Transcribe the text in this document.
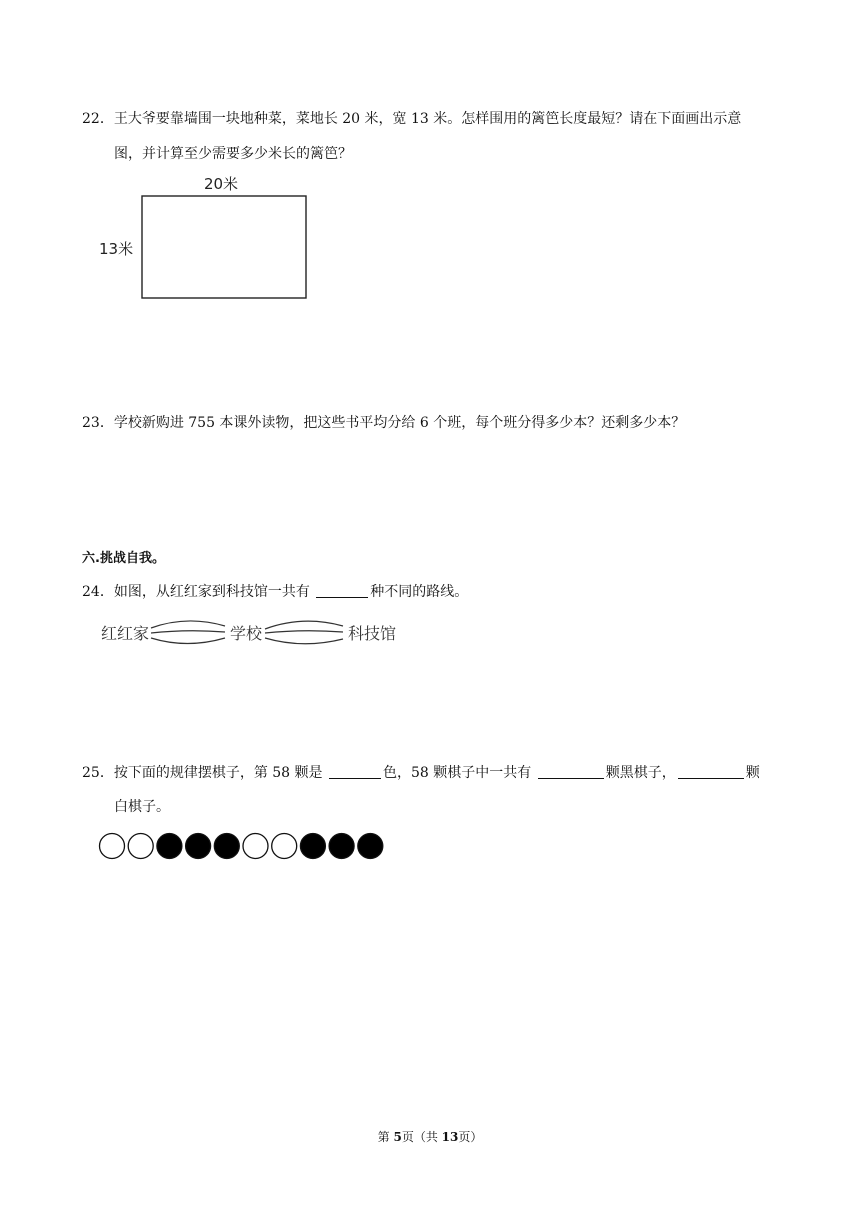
22．王大爷要靠墙围一块地种菜，菜地长 20 米，宽 13 米。怎样围用的篱笆长度最短？请在下面画出示意
图，并计算至少需要多少米长的篱笆？
20米
13米
23．学校新购进 755 本课外读物，把这些书平均分给 6 个班，每个班分得多少本？还剩多少本？
六.挑战自我。
24．如图，从红红家到科技馆一共有	种不同的路线。
红红家	学校	科技馆
25．按下面的规律摆棋子，第 58 颗是	色，58 颗棋子中一共有	颗黑棋子，	颗
白棋子。
第 5页（共 13页）
